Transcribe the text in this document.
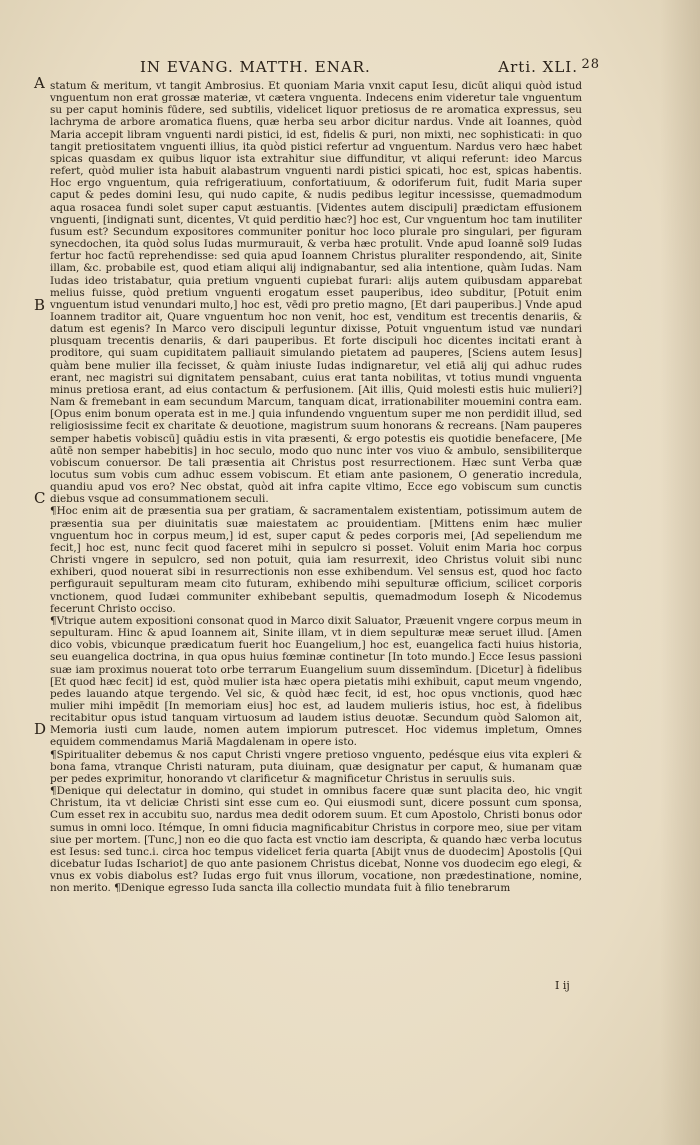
IN EVANG. MATTH. ENAR.	Arti. XLI. 28
A
B
C
D

statum & meritum, vt tangit Ambrosius. Et quoniam Maria vnxit caput Iesu, dicūt aliqui quòd istud vnguentum non erat grossæ materiæ, vt cætera vnguenta. Indecens enim videretur tale vnguentum su per caput hominis fūdere, sed subtilis, videlicet liquor pretiosus de re aromatica expressus, seu lachryma de arbore aromatica fluens, quæ herba seu arbor dicitur nardus. Vnde ait Ioannes, quòd Maria accepit libram vnguenti nardi pistici, id est, fidelis & puri, non mixti, nec sophisticati: in quo tangit pretiositatem vnguenti illius, ita quòd pistici refertur ad vnguentum. Nardus vero hæc habet spicas quasdam ex quibus liquor ista extrahitur siue diffunditur, vt aliqui referunt: ideo Marcus refert, quòd mulier ista habuit alabastrum vnguenti nardi pistici spicati, hoc est, spicas habentis. Hoc ergo vnguentum, quia refrigeratiuum, confortatiuum, & odoriferum fuit, fudit Maria super caput & pedes domini Iesu, qui nudo capite, & nudis pedibus legitur incessisse, quemadmodum aqua rosacea fundi solet super caput æstuantis. [Videntes autem discipuli] prædictam effusionem vnguenti, [indignati sunt, dicentes, Vt quid perditio hæc?] hoc est, Cur vnguentum hoc tam inutiliter fusum est? Secundum expositores communiter ponitur hoc loco plurale pro singulari, per figuram synecdochen, ita quòd solus Iudas murmurauit, & verba hæc protulit. Vnde apud Ioannē sol9 Iudas fertur hoc factū reprehendisse: sed quia apud Ioannem Christus pluraliter respondendo, ait, Sinite illam, &c. probabile est, quod etiam aliqui alij indignabantur, sed alia intentione, quàm Iudas. Nam Iudas ideo tristabatur, quia pretium vnguenti cupiebat furari: alijs autem quibusdam apparebat melius fuisse, quòd pretium vnguenti erogatum esset pauperibus, ideo subditur, [Potuit enim vnguentum istud venundari multo,] hoc est, vēdi pro pretio magno, [Et dari pauperibus.] Vnde apud Ioannem traditor ait, Quare vnguentum hoc non venit, hoc est, venditum est trecentis denariis, & datum est egenis? In Marco vero discipuli leguntur dixisse, Potuit vnguentum istud væ nundari plusquam trecentis denariis, & dari pauperibus. Et forte discipuli hoc dicentes incitati erant à proditore, qui suam cupiditatem palliauit simulando pietatem ad pauperes, [Sciens autem Iesus] quàm bene mulier illa fecisset, & quàm iniuste Iudas indignaretur, vel etiā alij qui adhuc rudes erant, nec magistri sui dignitatem pensabant, cuius erat tanta nobilitas, vt totius mundi vnguenta minus pretiosa erant, ad eius contactum & perfusionem. [Ait illis, Quid molesti estis huic mulieri?] Nam & fremebant in eam secundum Marcum, tanquam dicat, irrationabiliter mouemini contra eam. [Opus enim bonum operata est in me.] quia infundendo vnguentum super me non perdidit illud, sed religiosissime fecit ex charitate & deuotione, magistrum suum honorans & recreans. [Nam pauperes semper habetis vobiscū] quādiu estis in vita præsenti, & ergo potestis eis quotidie benefacere, [Me aūtē non semper habebitis] in hoc seculo, modo quo nunc inter vos viuo & ambulo, sensibiliterque vobiscum conuersor. De tali præsentia ait Christus post resurrectionem. Hæc sunt Verba quæ locutus sum vobis cum adhuc essem vobiscum. Et etiam ante pasionem, O generatio incredula, quandiu apud vos ero? Nec obstat, quòd ait infra capite vltimo, Ecce ego vobiscum sum cunctis diebus vsque ad consummationem seculi.

¶Hoc enim ait de præsentia sua per gratiam, & sacramentalem existentiam, potissimum autem de præsentia sua per diuinitatis suæ maiestatem ac prouidentiam. [Mittens enim hæc mulier vnguentum hoc in corpus meum,] id est, super caput & pedes corporis mei, [Ad sepeliendum me fecit,] hoc est, nunc fecit quod faceret mihi in sepulcro si posset. Voluit enim Maria hoc corpus Christi vngere in sepulcro, sed non potuit, quia iam resurrexit, ideo Christus voluit sibi nunc exhiberi, quod nouerat sibi in resurrectionis non esse exhibendum. Vel sensus est, quod hoc facto perfigurauit sepulturam meam cito futuram, exhibendo mihi sepulturæ officium, scilicet corporis vnctionem, quod Iudæi communiter exhibebant sepultis, quemadmodum Ioseph & Nicodemus fecerunt Christo occiso.

¶Vtrique autem expositioni consonat quod in Marco dixit Saluator, Præuenit vngere corpus meum in sepulturam. Hinc & apud Ioannem ait, Sinite illam, vt in diem sepulturæ meæ seruet illud. [Amen dico vobis, vbicunque prædicatum fuerit hoc Euangelium,] hoc est, euangelica facti huius historia, seu euangelica doctrina, in qua opus huius fœminæ continetur [In toto mundo.] Ecce Iesus passioni suæ iam proximus nouerat toto orbe terrarum Euangelium suum dissemīndum. [Dicetur] à fidelibus [Et quod hæc fecit] id est, quòd mulier ista hæc opera pietatis mihi exhibuit, caput meum vngendo, pedes lauando atque tergendo. Vel sic, & quòd hæc fecit, id est, hoc opus vnctionis, quod hæc mulier mihi impēdit [In memoriam eius] hoc est, ad laudem mulieris istius, hoc est, à fidelibus recitabitur opus istud tanquam virtuosum ad laudem istius deuotæ. Secundum quòd Salomon ait, Memoria iusti cum laude, nomen autem impiorum putrescet. Hoc videmus impletum, Omnes equidem commendamus Mariā Magdalenam in opere isto.

¶Spiritualiter debemus & nos caput Christi vngere pretioso vnguento, pedésque eius vita expleri & bona fama, vtranque Christi naturam, puta diuinam, quæ designatur per caput, & humanam quæ per pedes exprimitur, honorando vt clarificetur & magnificetur Christus in seruulis suis.

¶Denique qui delectatur in domino, qui studet in omnibus facere quæ sunt placita deo, hic vngit Christum, ita vt deliciæ Christi sint esse cum eo. Qui eiusmodi sunt, dicere possunt cum sponsa, Cum esset rex in accubitu suo, nardus mea dedit odorem suum. Et cum Apostolo, Christi bonus odor sumus in omni loco. Itémque, In omni fiducia magnificabitur Christus in corpore meo, siue per vitam siue per mortem. [Tunc,] non eo die quo facta est vnctio iam descripta, & quando hæc verba locutus est Iesus: sed tunc.i. circa hoc tempus videlicet feria quarta [Abijt vnus de duodecim] Apostolis [Qui dicebatur Iudas Ischariot] de quo ante pasionem Christus dicebat, Nonne vos duodecim ego elegi, & vnus ex vobis diabolus est? Iudas ergo fuit vnus illorum, vocatione, non prædestinatione, nomine, non merito. ¶Denique egresso Iuda sancta illa collectio mundata fuit à filio tenebrarum

I ij
